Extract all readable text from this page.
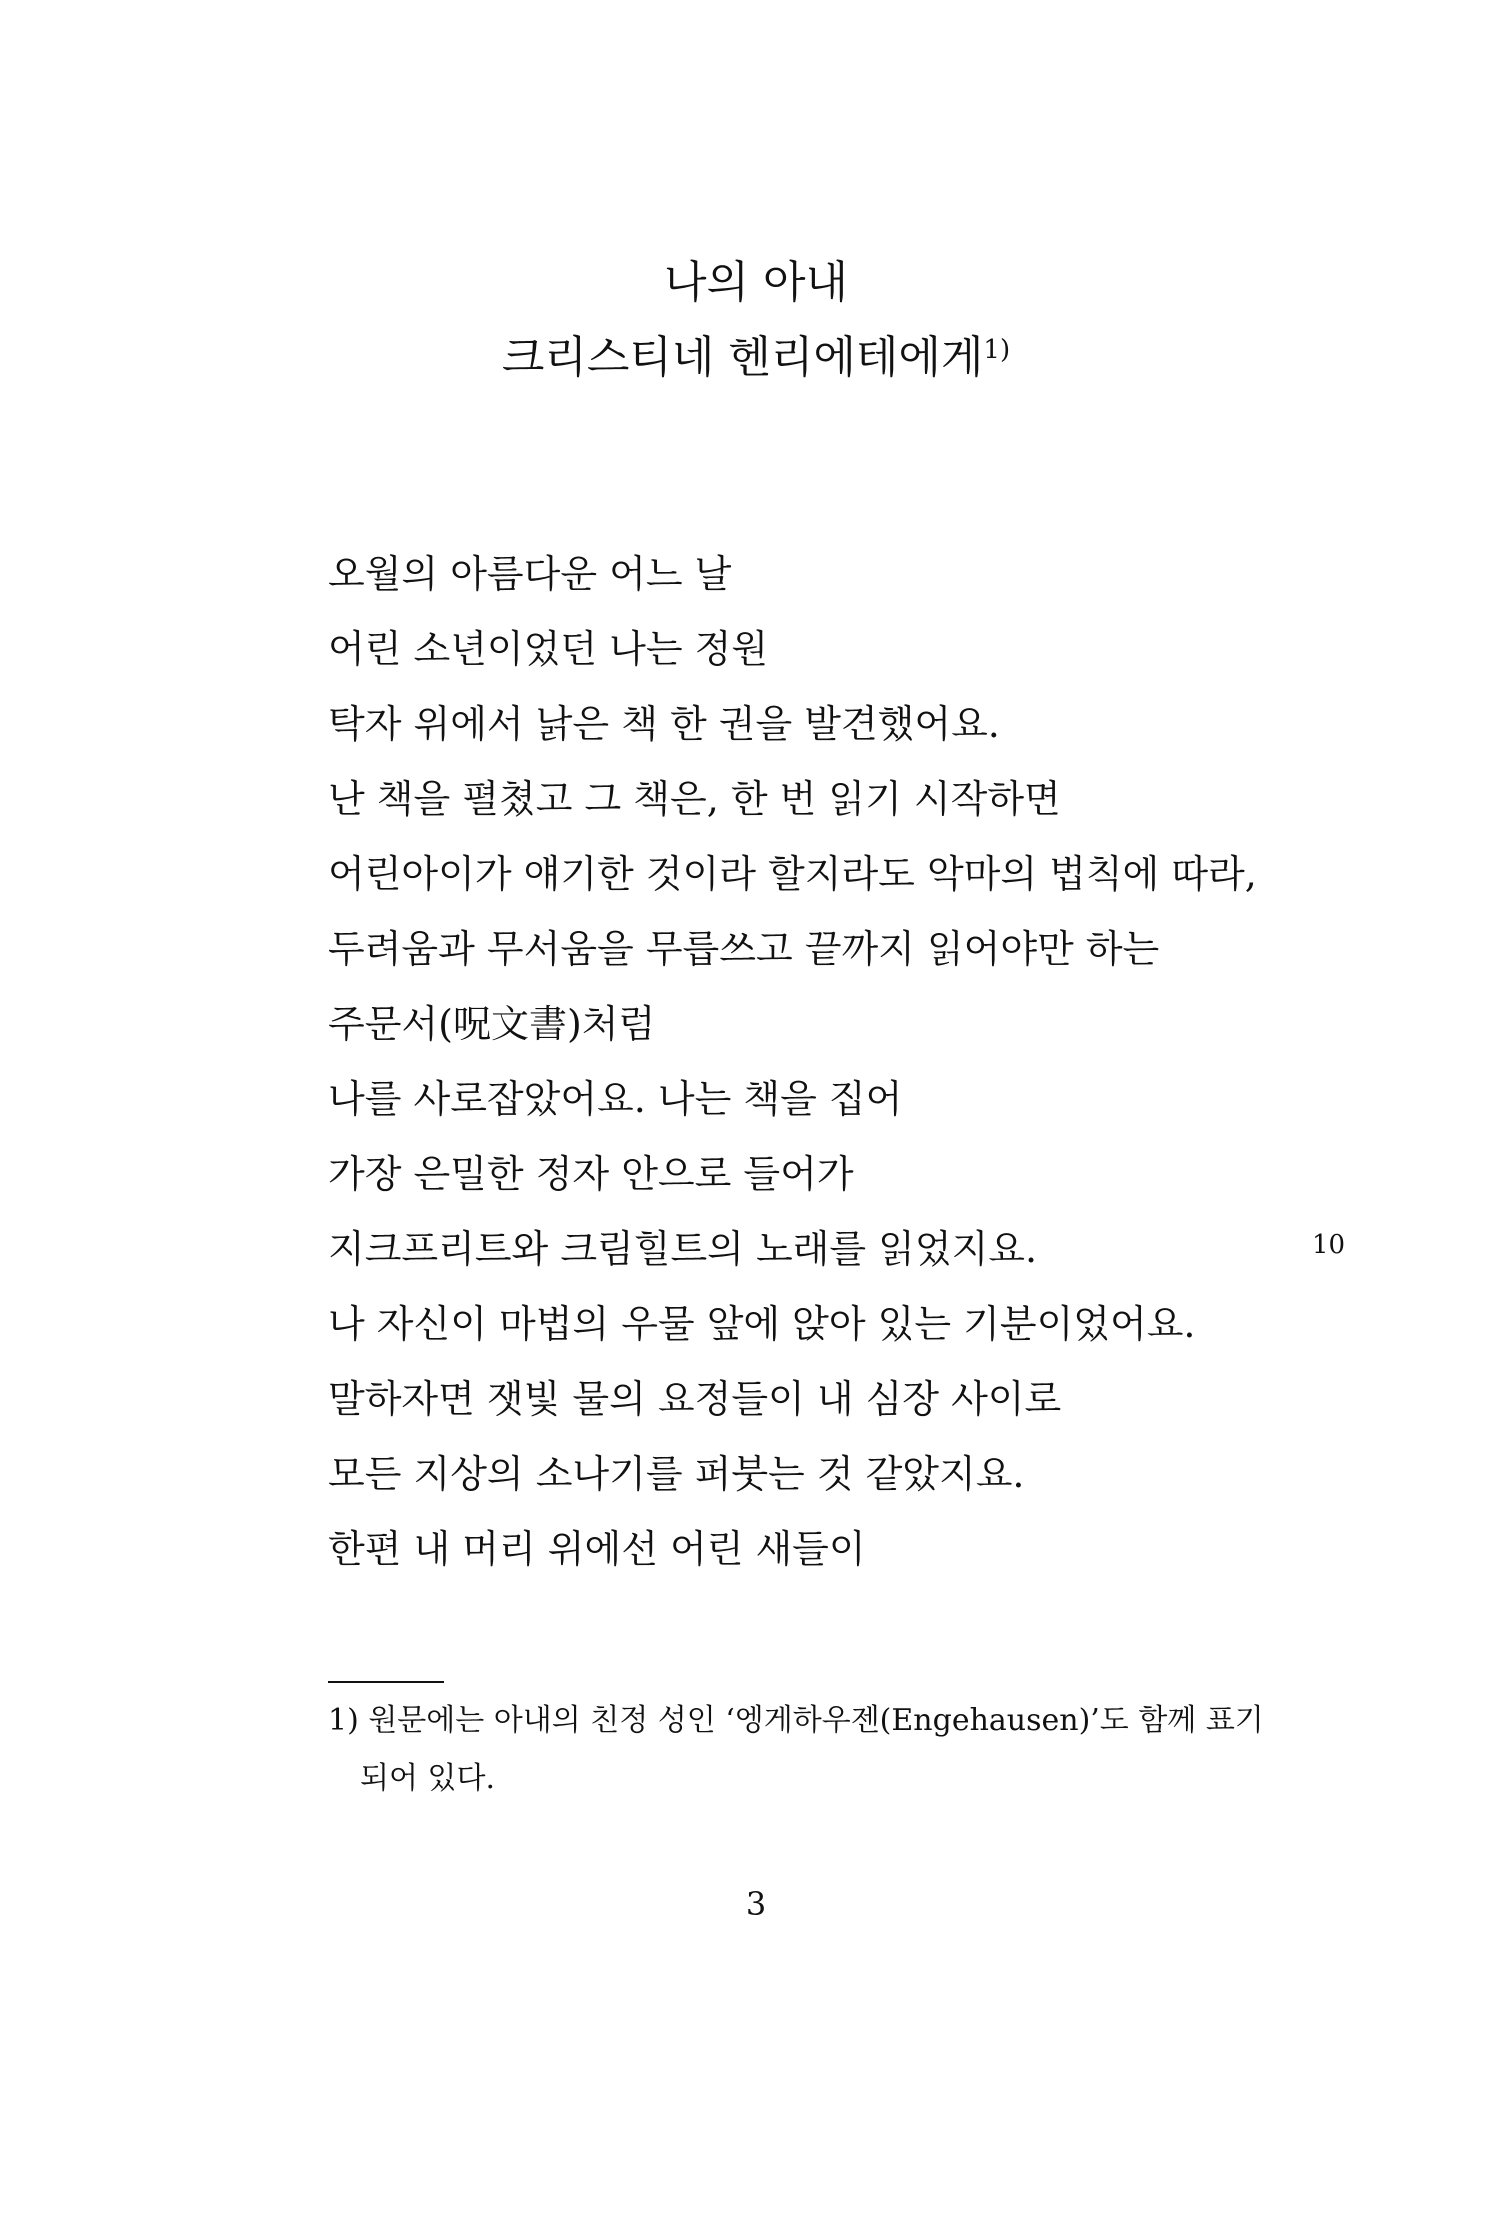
나의 아내
크리스티네 헨리에테에게$^{1)}$
오월의 아름다운 어느 날
어린 소년이었던 나는 정원
탁자 위에서 낡은 책 한 권을 발견했어요.
난 책을 펼쳤고 그 책은, 한 번 읽기 시작하면
어린아이가 얘기한 것이라 할지라도 악마의 법칙에 따라,
두려움과 무서움을 무릅쓰고 끝까지 읽어야만 하는
주문서(呪文書)처럼
나를 사로잡았어요. 나는 책을 집어
가장 은밀한 정자 안으로 들어가
지크프리트와 크림힐트의 노래를 읽었지요.
나 자신이 마법의 우물 앞에 앉아 있는 기분이었어요.
말하자면 잿빛 물의 요정들이 내 심장 사이로
모든 지상의 소나기를 퍼붓는 것 같았지요.
한편 내 머리 위에선 어린 새들이
10
1) 원문에는 아내의 친정 성인 ‘엥게하우젠(Engehausen)’도 함께 표기
되어 있다.
3
